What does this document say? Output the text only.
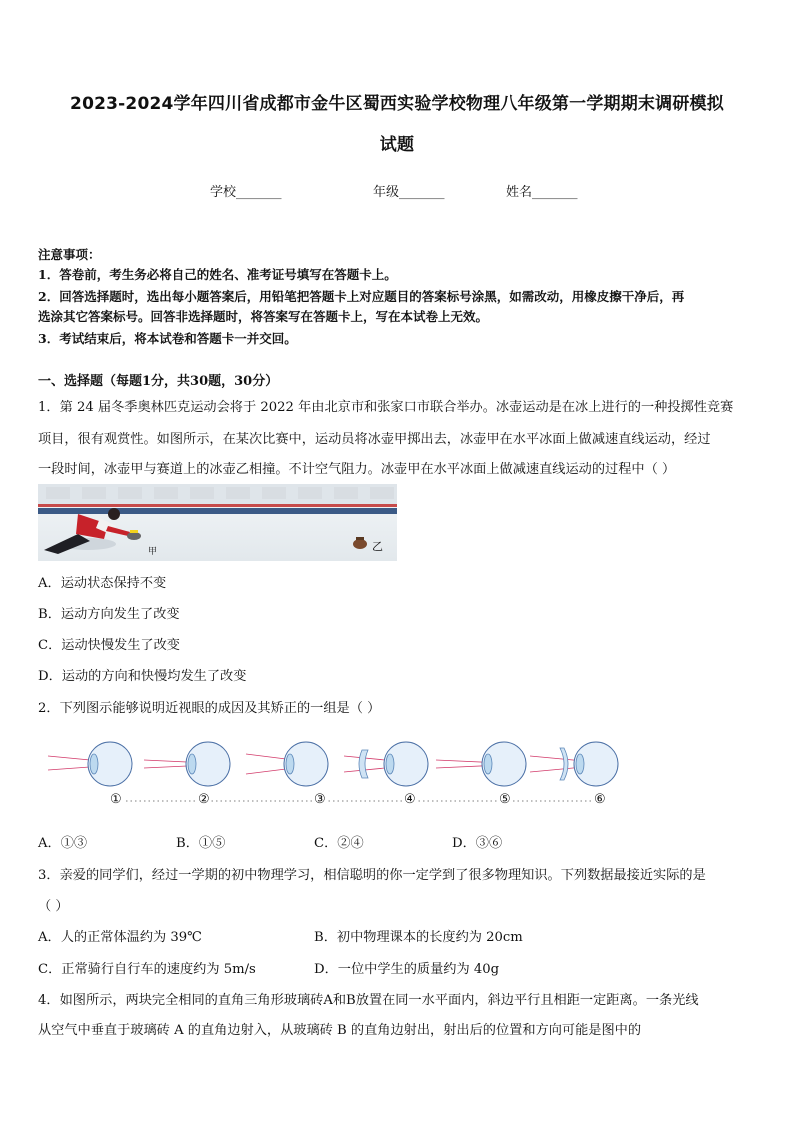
2023-2024学年四川省成都市金牛区蜀西实验学校物理八年级第一学期期末调研模拟
试题
学校_______	年级_______	姓名_______
注意事项：
1．答卷前，考生务必将自己的姓名、准考证号填写在答题卡上。
2．回答选择题时，选出每小题答案后，用铅笔把答题卡上对应题目的答案标号涂黑，如需改动，用橡皮擦干净后，再
选涂其它答案标号。回答非选择题时，将答案写在答题卡上，写在本试卷上无效。
3．考试结束后，将本试卷和答题卡一并交回。
一、选择题（每题1分，共30题，30分）
1．第 24 届冬季奥林匹克运动会将于 2022 年由北京市和张家口市联合举办。冰壶运动是在冰上进行的一种投掷性竞赛
项目，很有观赏性。如图所示，在某次比赛中，运动员将冰壶甲掷出去，冰壶甲在水平冰面上做减速直线运动，经过
一段时间，冰壶甲与赛道上的冰壶乙相撞。不计空气阻力。冰壶甲在水平冰面上做减速直线运动的过程中（ ）
甲	乙
A．运动状态保持不变
B．运动方向发生了改变
C．运动快慢发生了改变
D．运动的方向和快慢均发生了改变
2．下列图示能够说明近视眼的成因及其矫正的一组是（ ）
①	②	③	④	⑤	⑥
A．①③	B．①⑤	C．②④	D．③⑥
3．亲爱的同学们，经过一学期的初中物理学习，相信聪明的你一定学到了很多物理知识。下列数据最接近实际的是
（ ）
A．人的正常体温约为 39℃	B．初中物理课本的长度约为 20cm
C．正常骑行自行车的速度约为 5m/s	D．一位中学生的质量约为 40g
4．如图所示，两块完全相同的直角三角形玻璃砖A和B放置在同一水平面内，斜边平行且相距一定距离。一条光线
从空气中垂直于玻璃砖 A 的直角边射入，从玻璃砖 B 的直角边射出，射出后的位置和方向可能是图中的
